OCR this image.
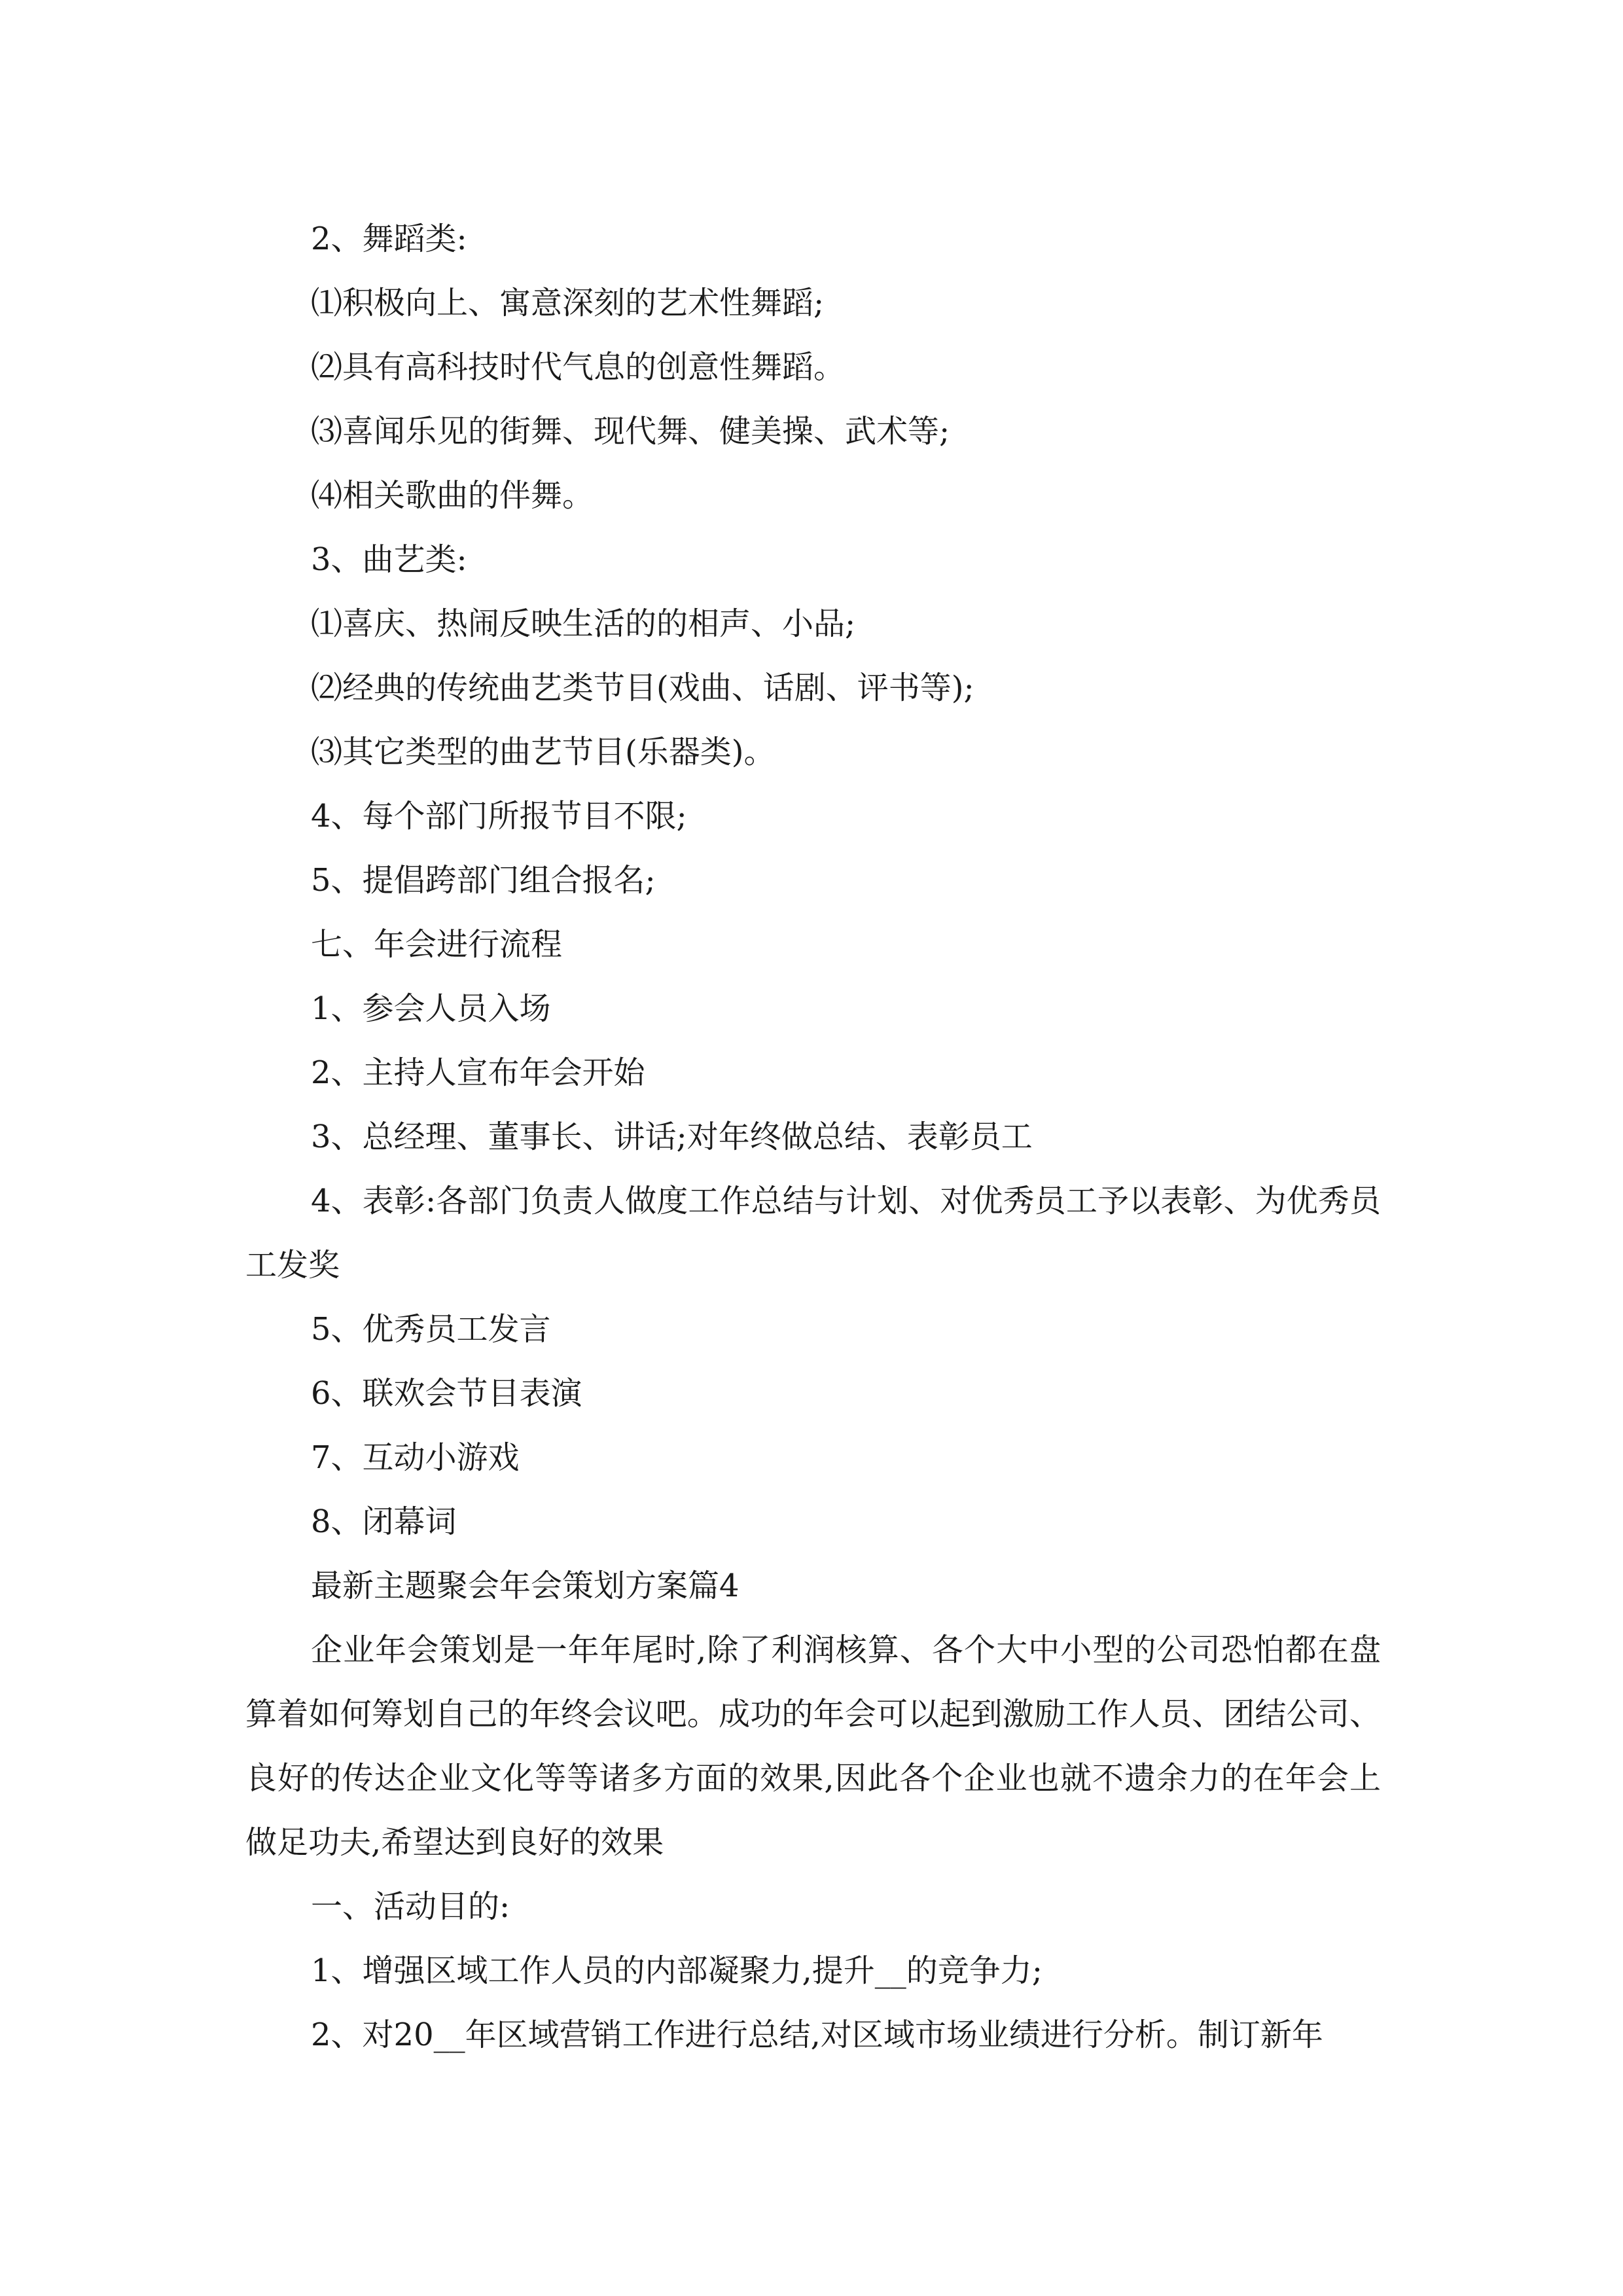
2、舞蹈类:

⑴积极向上、寓意深刻的艺术性舞蹈;

⑵具有高科技时代气息的创意性舞蹈。

⑶喜闻乐见的街舞、现代舞、健美操、武术等;

⑷相关歌曲的伴舞。

3、曲艺类:

⑴喜庆、热闹反映生活的的相声、小品;

⑵经典的传统曲艺类节目(戏曲、话剧、评书等);

⑶其它类型的曲艺节目(乐器类)。

4、每个部门所报节目不限;

5、提倡跨部门组合报名;

七、年会进行流程

1、参会人员入场

2、主持人宣布年会开始

3、总经理、董事长、讲话;对年终做总结、表彰员工

4、表彰:各部门负责人做度工作总结与计划、对优秀员工予以表彰、为优秀员工发奖

5、优秀员工发言

6、联欢会节目表演

7、互动小游戏

8、闭幕词

最新主题聚会年会策划方案篇4

企业年会策划是一年年尾时,除了利润核算、各个大中小型的公司恐怕都在盘算着如何筹划自己的年终会议吧。成功的年会可以起到激励工作人员、团结公司、良好的传达企业文化等等诸多方面的效果,因此各个企业也就不遗余力的在年会上做足功夫,希望达到良好的效果

一、活动目的:

1、增强区域工作人员的内部凝聚力,提升__的竞争力;

2、对20__年区域营销工作进行总结,对区域市场业绩进行分析。制订新年
